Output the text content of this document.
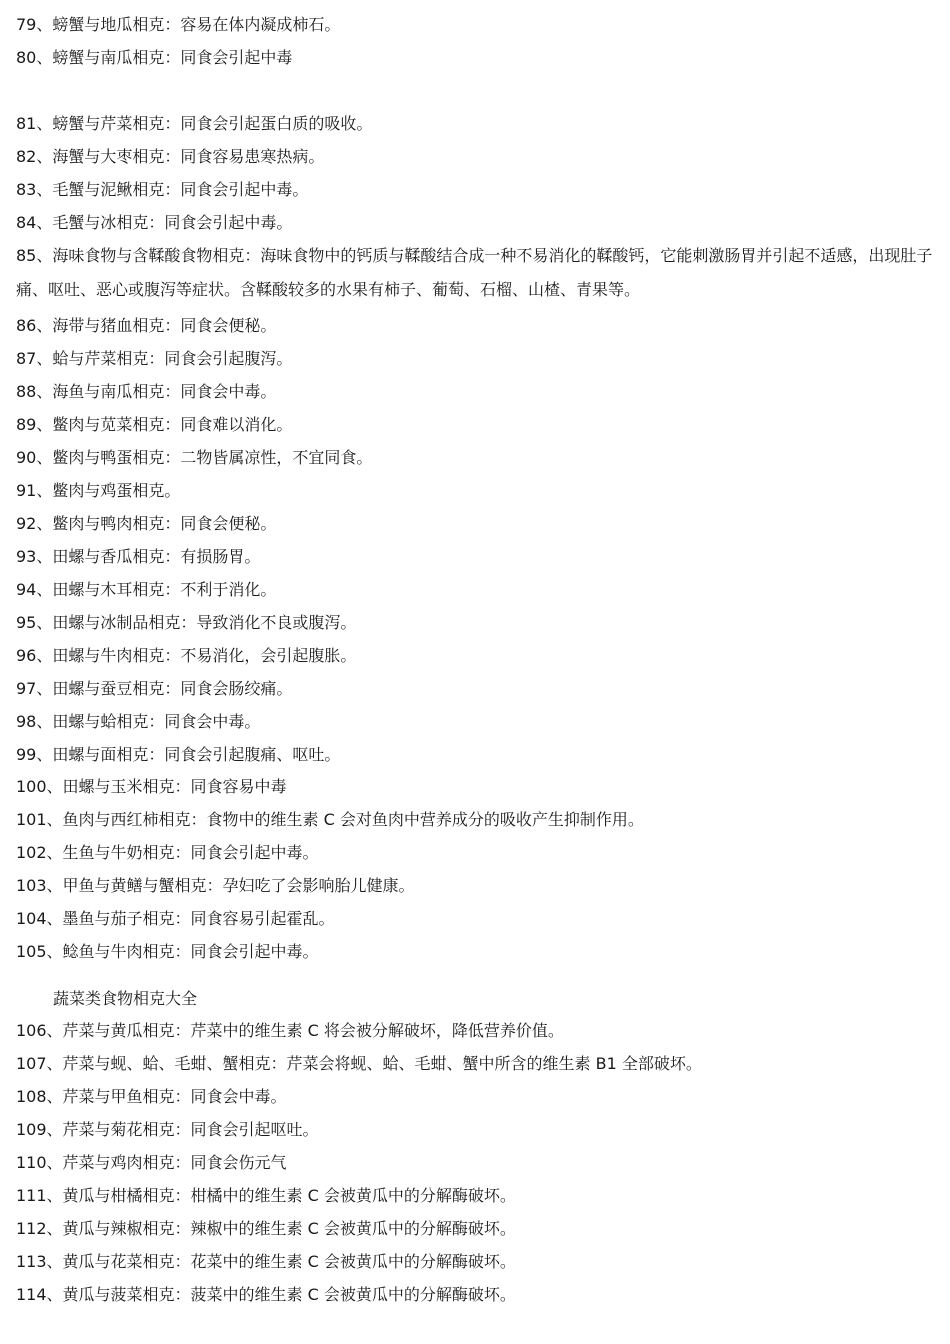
79、螃蟹与地瓜相克：容易在体内凝成柿石。
80、螃蟹与南瓜相克：同食会引起中毒
81、螃蟹与芹菜相克：同食会引起蛋白质的吸收。
82、海蟹与大枣相克：同食容易患寒热病。
83、毛蟹与泥鳅相克：同食会引起中毒。
84、毛蟹与冰相克：同食会引起中毒。
85、海味食物与含鞣酸食物相克：海味食物中的钙质与鞣酸结合成一种不易消化的鞣酸钙，它能刺激肠胃并引起不适感，出现肚子痛、呕吐、恶心或腹泻等症状。含鞣酸较多的水果有柿子、葡萄、石榴、山楂、青果等。
86、海带与猪血相克：同食会便秘。
87、蛤与芹菜相克：同食会引起腹泻。
88、海鱼与南瓜相克：同食会中毒。
89、鳖肉与苋菜相克：同食难以消化。
90、鳖肉与鸭蛋相克：二物皆属凉性，不宜同食。
91、鳖肉与鸡蛋相克。
92、鳖肉与鸭肉相克：同食会便秘。
93、田螺与香瓜相克：有损肠胃。
94、田螺与木耳相克：不利于消化。
95、田螺与冰制品相克：导致消化不良或腹泻。
96、田螺与牛肉相克：不易消化，会引起腹胀。
97、田螺与蚕豆相克：同食会肠绞痛。
98、田螺与蛤相克：同食会中毒。
99、田螺与面相克：同食会引起腹痛、呕吐。
100、田螺与玉米相克：同食容易中毒
101、鱼肉与西红柿相克：食物中的维生素 C 会对鱼肉中营养成分的吸收产生抑制作用。
102、生鱼与牛奶相克：同食会引起中毒。
103、甲鱼与黄鳝与蟹相克：孕妇吃了会影响胎儿健康。
104、墨鱼与茄子相克：同食容易引起霍乱。
105、鲶鱼与牛肉相克：同食会引起中毒。
蔬菜类食物相克大全
106、芹菜与黄瓜相克：芹菜中的维生素 C 将会被分解破坏，降低营养价值。
107、芹菜与蚬、蛤、毛蚶、蟹相克：芹菜会将蚬、蛤、毛蚶、蟹中所含的维生素 B1 全部破坏。
108、芹菜与甲鱼相克：同食会中毒。
109、芹菜与菊花相克：同食会引起呕吐。
110、芹菜与鸡肉相克：同食会伤元气
111、黄瓜与柑橘相克：柑橘中的维生素 C 会被黄瓜中的分解酶破坏。
112、黄瓜与辣椒相克：辣椒中的维生素 C 会被黄瓜中的分解酶破坏。
113、黄瓜与花菜相克：花菜中的维生素 C 会被黄瓜中的分解酶破坏。
114、黄瓜与菠菜相克：菠菜中的维生素 C 会被黄瓜中的分解酶破坏。
